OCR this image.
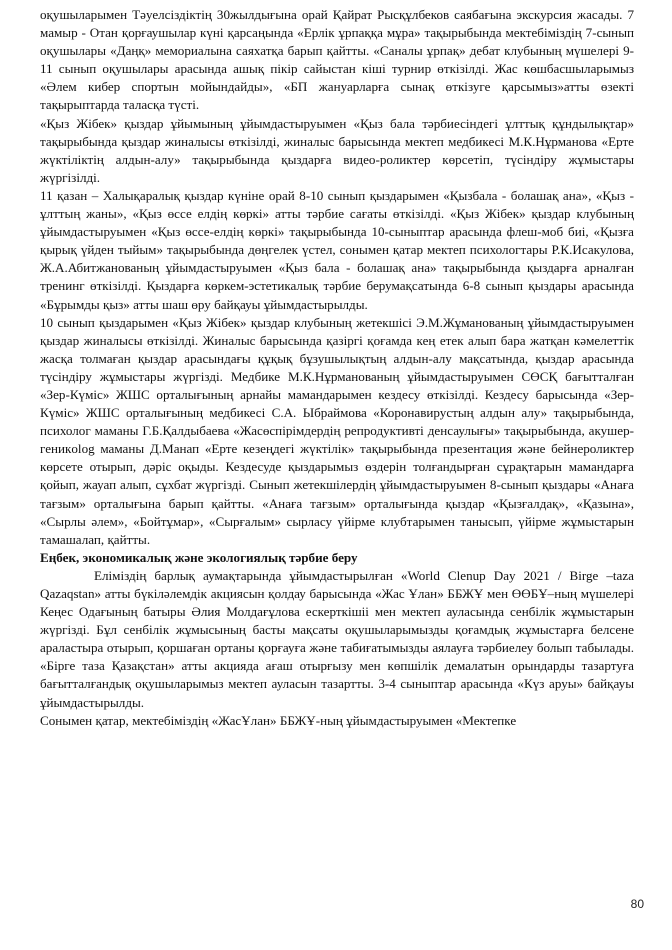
оқушыларымен Тәуелсіздіктің 30жылдығына орай Қайрат Рысқұлбеков саябағына экскурсия жасады. 7 мамыр - Отан қорғаушылар күні қарсаңында «Ерлік ұрпаққа мұра» тақырыбында мектебіміздің 7-сынып оқушылары «Даңқ» мемориалына саяхатқа барып қайтты. «Саналы ұрпақ» дебат клубының мүшелері 9-11 сынып оқушылары арасында ашық пікір сайыстан кіші турнир өткізілді. Жас көшбасшыларымыз «Әлем кибер спортын мойындайды», «БП жануарларға сынақ өткізуге қарсымыз»атты өзекті тақырыптарда таласқа түсті.

«Қыз Жібек» қыздар ұйымының ұйымдастыруымен «Қыз бала тәрбиесіндегі ұлттық құндылықтар» тақырыбында қыздар жиналысы өткізілді, жиналыс барысында мектеп медбикесі М.К.Нұрманова «Ерте жүктіліктің алдын-алу» тақырыбында қыздарға видео-роликтер көрсетіп, түсіндіру жұмыстары жүргізілді.

11 қазан – Халықаралық қыздар күніне орай 8-10 сынып қыздарымен «Қызбала - болашақ ана», «Қыз - ұлттың жаны», «Қыз өссе елдің көркі» атты тәрбие сағаты өткізілді. «Қыз Жібек» қыздар клубының ұйымдастыруымен «Қыз өссе-елдің көркі» тақырыбында 10-сыныптар арасында флеш-моб биі, «Қызға қырық үйден тыйым» тақырыбында дөңгелек үстел, сонымен қатар мектеп психологтары Р.К.Исакулова, Ж.А.Абитжанованың ұйымдастыруымен «Қыз бала - болашақ ана» тақырыбында қыздарға арналған тренинг өткізілді. Қыздарға көркем-эстетикалық тәрбие берумақсатында 6-8 сынып қыздары арасында «Бұрымды қыз» атты шаш өру байқауы ұйымдастырылды.

10 сынып қыздарымен «Қыз Жібек» қыздар клубының жетекшісі Э.М.Жұманованың ұйымдастыруымен қыздар жиналысы өткізілді. Жиналыс барысында қазіргі қоғамда кең етек алып бара жатқан кәмелеттік жасқа толмаған қыздар арасындағы құқық бұзушылықтың алдын-алу мақсатында, қыздар арасында түсіндіру жұмыстары жүргізді. Медбике М.К.Нұрманованың ұйымдастыруымен СӨСҚ бағытталған «Зер-Күміс» ЖШС орталығының арнайы мамандарымен кездесу өткізілді. Кездесу барысында «Зер-Күміс» ЖШС орталығының медбикесі С.А. Ыбраймова «Коронавирустың алдын алу» тақырыбында, психолог маманы Г.Б.Қалдыбаева «Жасөспірімдердің репродуктивті денсаулығы» тақырыбында, акушер-геникolog маманы Д.Манап «Ерте кезеңдегі жүктілік» тақырыбында презентация және бейнероликтер көрсете отырып, дәріс оқыды. Кездесуде қыздарымыз өздерін толғандырған сұрақтарын мамандарға қойып, жауап алып, сұхбат жүргізді. Сынып жетекшілердің ұйымдастыруымен 8-сынып қыздары «Анаға тағзым» орталығына барып қайтты. «Анаға тағзым» орталығында қыздар «Қызғалдақ», «Қазына», «Сырлы әлем», «Бойтұмар», «Сырғалым» сырласу үйірме клубтарымен танысып, үйірме жұмыстарын тамашалап, қайтты.

Еңбек, экономикалық және экологиялық тәрбие беру

Еліміздің барлық аумақтарында ұйымдастырылған «World Clenup Day 2021 / Birge –taza Qazaqstan» атты бүкіләлемдік акциясын қолдау барысында «Жас Ұлан» ББЖҰ мен ӨӨБҰ–ның мүшелері Кеңес Одағының батыры Әлия Молдағұлова ескерткішіі мен мектеп ауласында сенбілік жұмыстарын жүргізді. Бұл сенбілік жұмысының басты мақсаты оқушыларымызды қоғамдық жұмыстарға белсене араластыра отырып, қоршаған ортаны қорғауға және табиғатымызды аялауға тәрбиелеу болып табылады. «Бірге таза Қазақстан» атты акцияда ағаш отырғызу мен көпшілік демалатын орындарды тазартуға бағытталғандық оқушыларымыз мектеп ауласын тазартты. 3-4 сыныптар арасында «Күз аруы» байқауы ұйымдастырылды.

Сонымен қатар, мектебіміздің «ЖасҰлан» ББЖҰ-ның ұйымдастыруымен «Мектепке

80
